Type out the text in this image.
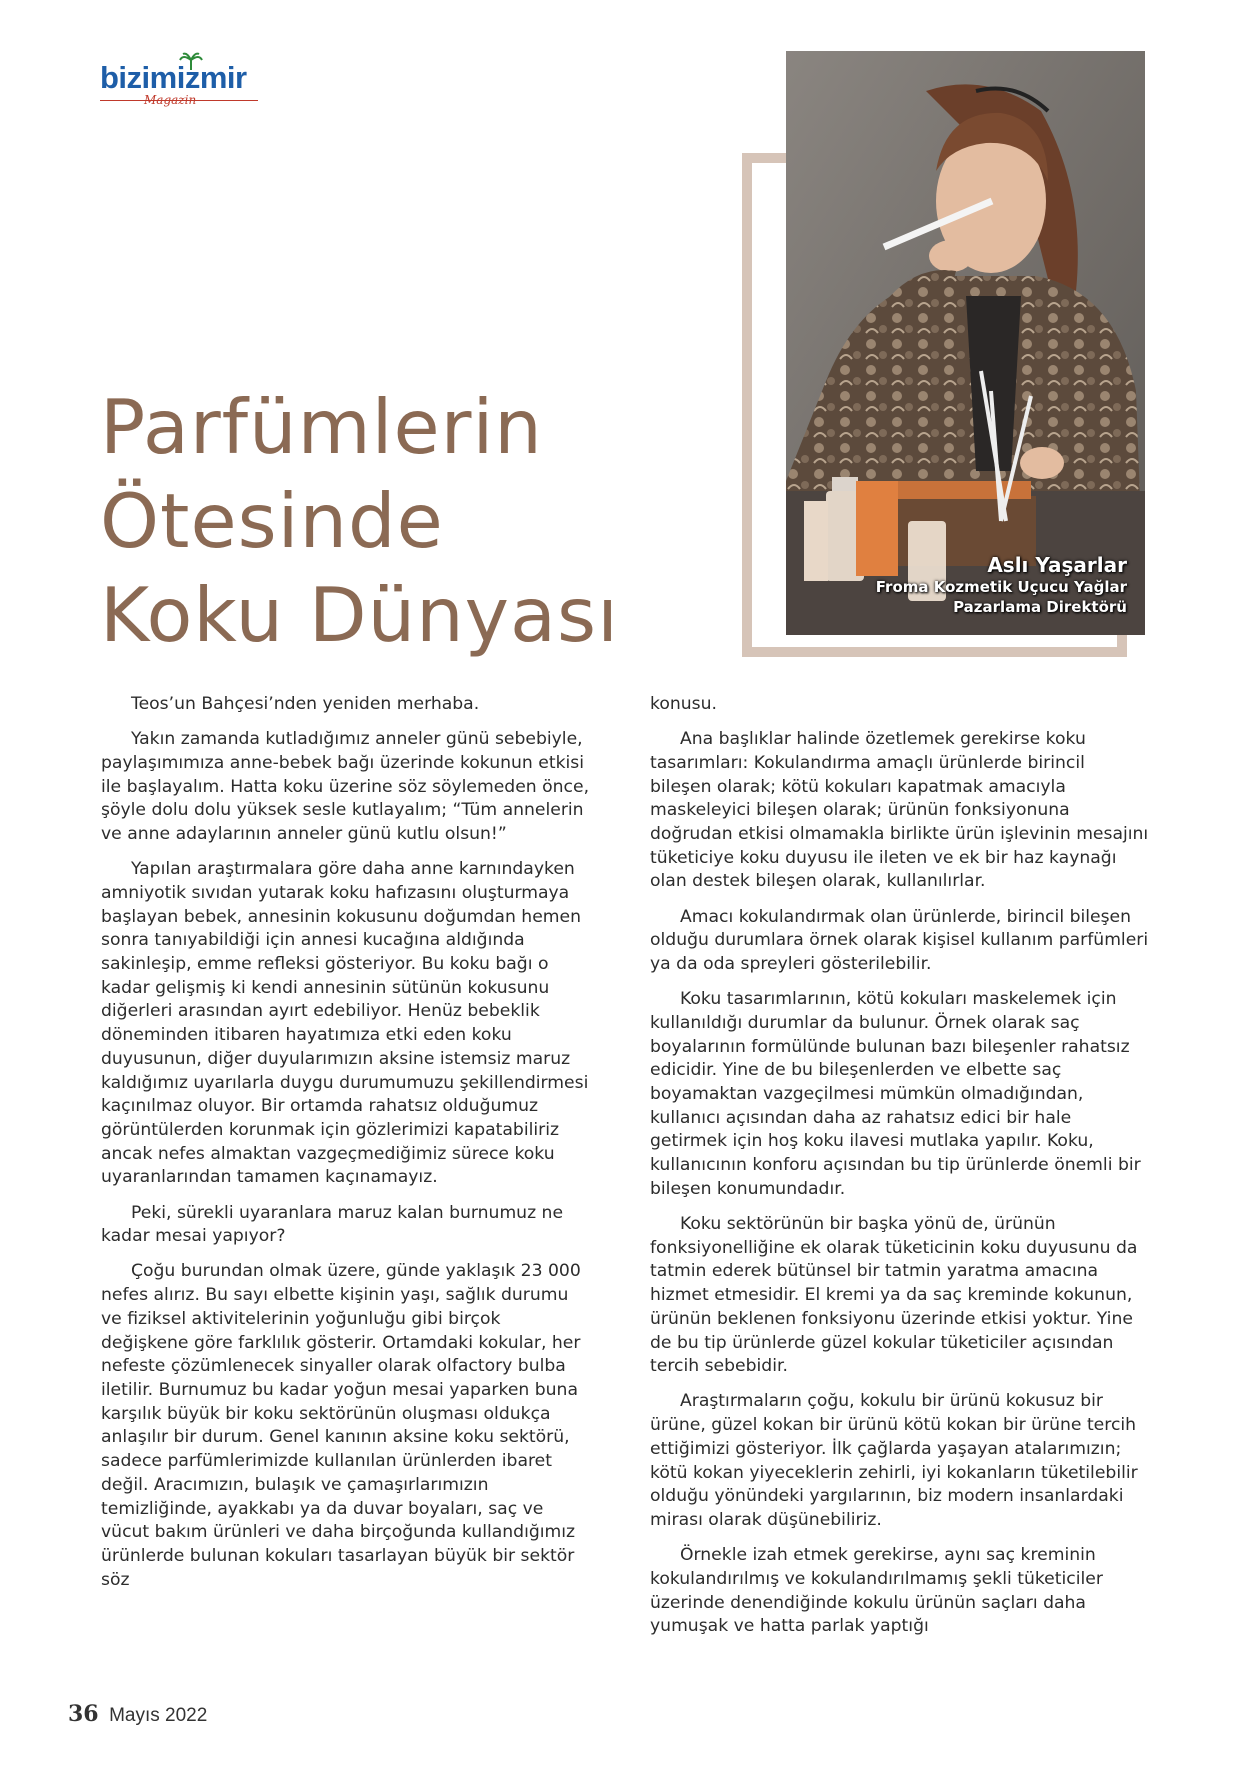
bizimizmir
Magazin
Aslı Yaşarlar
Froma Kozmetik Uçucu Yağlar
Pazarlama Direktörü
Parfümlerin
Ötesinde
Koku Dünyası

Teos’un Bahçesi’nden yeniden merhaba.

Yakın zamanda kutladığımız anneler günü sebebiyle, paylaşımımıza anne-bebek bağı üzerinde kokunun etkisi ile başlayalım. Hatta koku üzerine söz söylemeden önce, şöyle dolu dolu yüksek sesle kutlayalım; “Tüm annelerin ve anne adaylarının anneler günü kutlu olsun!”

Yapılan araştırmalara göre daha anne karnındayken amniyotik sıvıdan yutarak koku hafızasını oluşturmaya başlayan bebek, annesinin kokusunu doğumdan hemen sonra tanıyabildiği için annesi kucağına aldığında sakinleşip, emme refleksi gösteriyor. Bu koku bağı o kadar gelişmiş ki kendi annesinin sütünün kokusunu diğerleri arasından ayırt edebiliyor. Henüz bebeklik döneminden itibaren hayatımıza etki eden koku duyusunun, diğer duyularımızın aksine istemsiz maruz kaldığımız uyarılarla duygu durumumuzu şekillendirmesi kaçınılmaz oluyor. Bir ortamda rahatsız olduğumuz görüntülerden korunmak için gözlerimizi kapatabiliriz ancak nefes almaktan vazgeçmediğimiz sürece koku uyaranlarından tamamen kaçınamayız.

Peki, sürekli uyaranlara maruz kalan burnumuz ne kadar mesai yapıyor?

Çoğu burundan olmak üzere, günde yaklaşık 23 000 nefes alırız. Bu sayı elbette kişinin yaşı, sağlık durumu ve fiziksel aktivitelerinin yoğunluğu gibi birçok değişkene göre farklılık gösterir. Ortamdaki kokular, her nefeste çözümlenecek sinyaller olarak olfactory bulba iletilir. Burnumuz bu kadar yoğun mesai yaparken buna karşılık büyük bir koku sektörünün oluşması oldukça anlaşılır bir durum. Genel kanının aksine koku sektörü, sadece parfümlerimizde kullanılan ürünlerden ibaret değil. Aracımızın, bulaşık ve çamaşırlarımızın temizliğinde, ayakkabı ya da duvar boyaları, saç ve vücut bakım ürünleri ve daha birçoğunda kullandığımız ürünlerde bulunan kokuları tasarlayan büyük bir sektör söz

konusu.

Ana başlıklar halinde özetlemek gerekirse koku tasarımları: Kokulandırma amaçlı ürünlerde birincil bileşen olarak; kötü kokuları kapatmak amacıyla maskeleyici bileşen olarak; ürünün fonksiyonuna doğrudan etkisi olmamakla birlikte ürün işlevinin mesajını tüketiciye koku duyusu ile ileten ve ek bir haz kaynağı olan destek bileşen olarak, kullanılırlar.

Amacı kokulandırmak olan ürünlerde, birincil bileşen olduğu durumlara örnek olarak kişisel kullanım parfümleri ya da oda spreyleri gösterilebilir.

Koku tasarımlarının, kötü kokuları maskelemek için kullanıldığı durumlar da bulunur. Örnek olarak saç boyalarının formülünde bulunan bazı bileşenler rahatsız edicidir. Yine de bu bileşenlerden ve elbette saç boyamaktan vazgeçilmesi mümkün olmadığından, kullanıcı açısından daha az rahatsız edici bir hale getirmek için hoş koku ilavesi mutlaka yapılır. Koku, kullanıcının konforu açısından bu tip ürünlerde önemli bir bileşen konumundadır.

Koku sektörünün bir başka yönü de, ürünün fonksiyonelliğine ek olarak tüketicinin koku duyusunu da tatmin ederek bütünsel bir tatmin yaratma amacına hizmet etmesidir. El kremi ya da saç kreminde kokunun, ürünün beklenen fonksiyonu üzerinde etkisi yoktur. Yine de bu tip ürünlerde güzel kokular tüketiciler açısından tercih sebebidir.

Araştırmaların çoğu, kokulu bir ürünü kokusuz bir ürüne, güzel kokan bir ürünü kötü kokan bir ürüne tercih ettiğimizi gösteriyor. İlk çağlarda yaşayan atalarımızın; kötü kokan yiyeceklerin zehirli, iyi kokanların tüketilebilir olduğu yönündeki yargılarının, biz modern insanlardaki mirası olarak düşünebiliriz.

Örnekle izah etmek gerekirse, aynı saç kreminin kokulandırılmış ve kokulandırılmamış şekli tüketiciler üzerinde denendiğinde kokulu ürünün saçları daha yumuşak ve hatta parlak yaptığı

36 Mayıs 2022
